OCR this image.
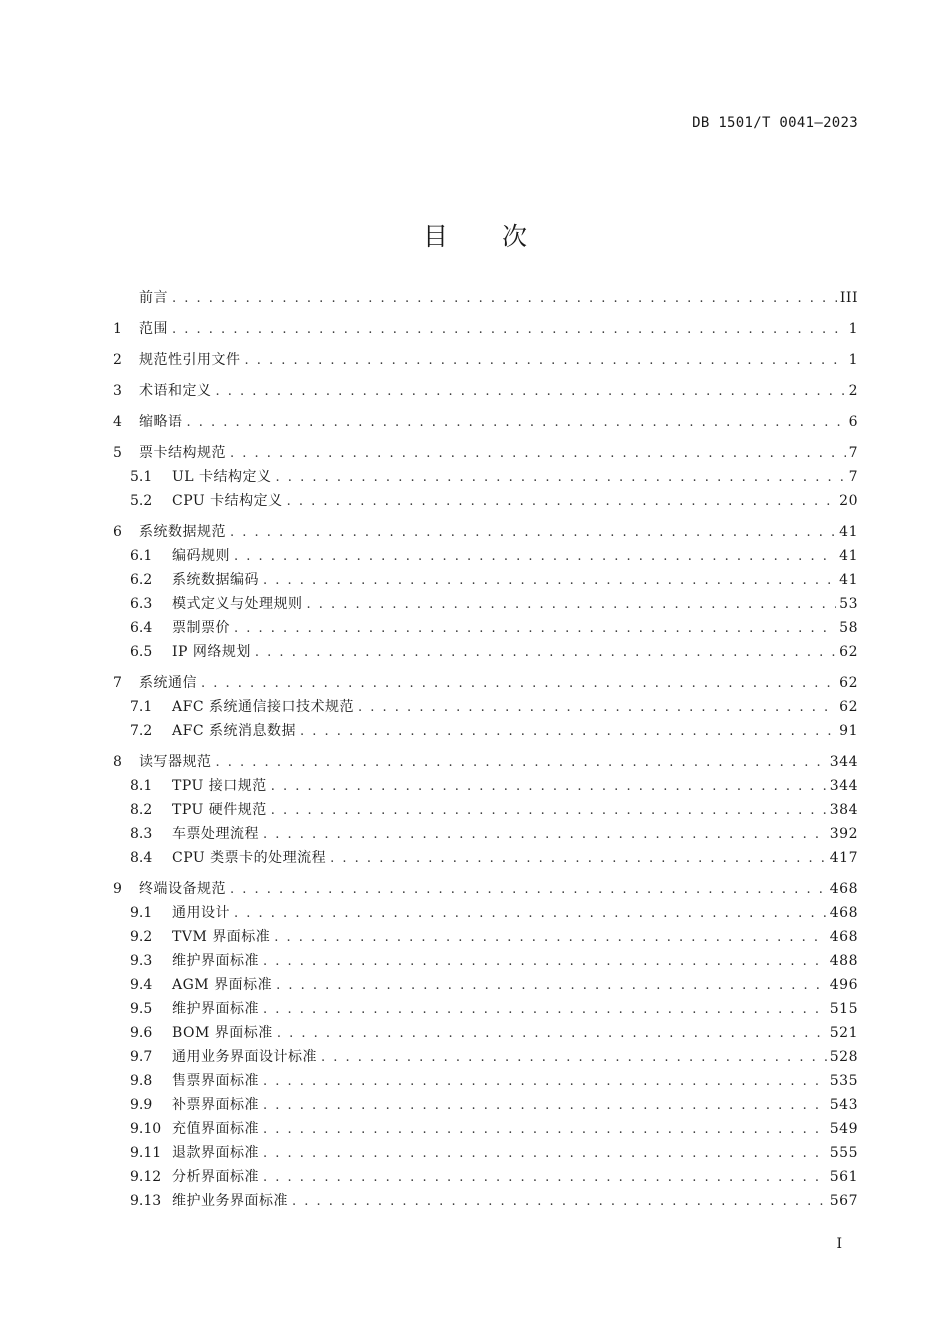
DB 1501/T 0041—2023
目次
前言 . . .	III
1	范围 . . .	1
2	规范性引用文件 . . .	1
3	术语和定义 . . .	2
4	缩略语 . . .	6
5	票卡结构规范 . . .	7
5.1	UL 卡结构定义 . . .	7
5.2	CPU 卡结构定义 . . .	20
6	系统数据规范 . . .	41
6.1	编码规则 . . .	41
6.2	系统数据编码 . . .	41
6.3	模式定义与处理规则 . . .	53
6.4	票制票价 . . .	58
6.5	IP 网络规划 . . .	62
7	系统通信 . . .	62
7.1	AFC 系统通信接口技术规范 . . .	62
7.2	AFC 系统消息数据 . . .	91
8	读写器规范 . . .	344
8.1	TPU 接口规范 . . .	344
8.2	TPU 硬件规范 . . .	384
8.3	车票处理流程 . . .	392
8.4	CPU 类票卡的处理流程 . . .	417
9	终端设备规范 . . .	468
9.1	通用设计 . . .	468
9.2	TVM 界面标准 . . .	468
9.3	维护界面标准 . . .	488
9.4	AGM 界面标准 . . .	496
9.5	维护界面标准 . . .	515
9.6	BOM 界面标准 . . .	521
9.7	通用业务界面设计标准 . . .	528
9.8	售票界面标准 . . .	535
9.9	补票界面标准 . . .	543
9.10 充值界面标准 . . .	549
9.11 退款界面标准 . . .	555
9.12 分析界面标准 . . .	561
9.13 维护业务界面标准 . . .	567
I
